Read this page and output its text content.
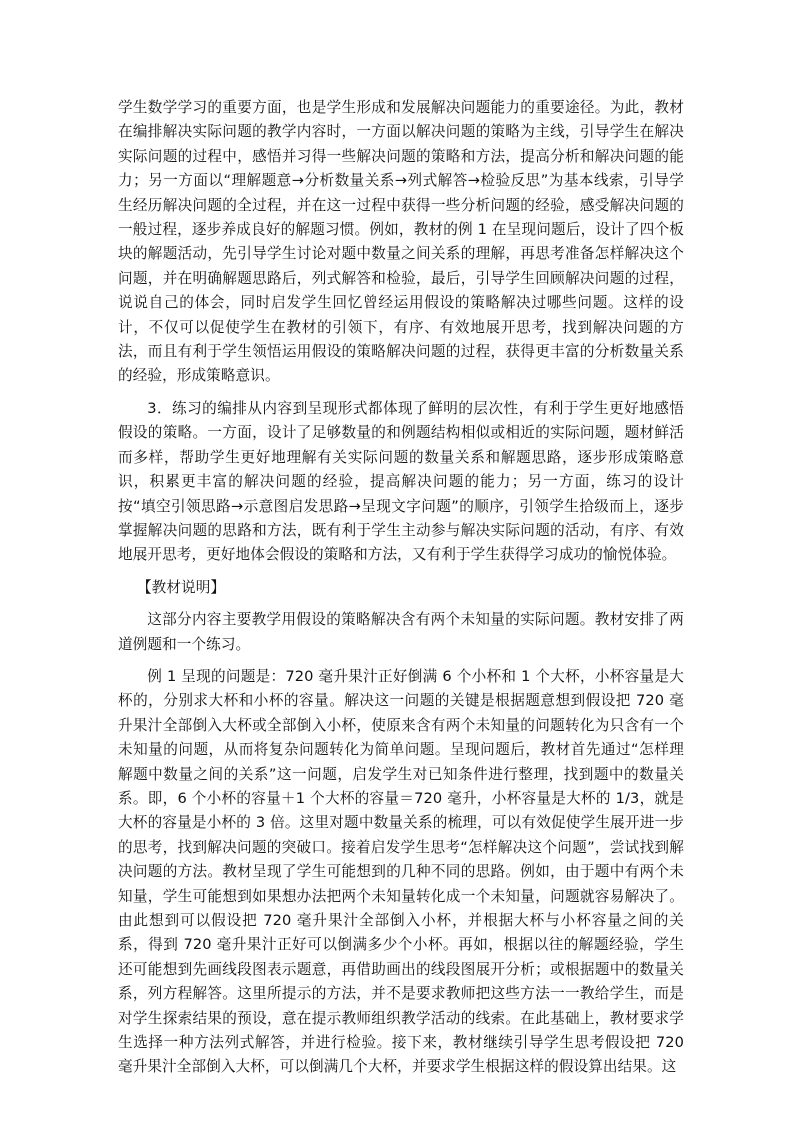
学生数学学习的重要方面，也是学生形成和发展解决问题能力的重要途径。为此，教材在编排解决实际问题的教学内容时，一方面以解决问题的策略为主线，引导学生在解决实际问题的过程中，感悟并习得一些解决问题的策略和方法，提高分析和解决问题的能力；另一方面以“理解题意→分析数量关系→列式解答→检验反思”为基本线索，引导学生经历解决问题的全过程，并在这一过程中获得一些分析问题的经验，感受解决问题的一般过程，逐步养成良好的解题习惯。例如，教材的例 1 在呈现问题后，设计了四个板块的解题活动，先引导学生讨论对题中数量之间关系的理解，再思考准备怎样解决这个问题，并在明确解题思路后，列式解答和检验，最后，引导学生回顾解决问题的过程，说说自己的体会，同时启发学生回忆曾经运用假设的策略解决过哪些问题。这样的设计，不仅可以促使学生在教材的引领下，有序、有效地展开思考，找到解决问题的方法，而且有利于学生领悟运用假设的策略解决问题的过程，获得更丰富的分析数量关系的经验，形成策略意识。

3．练习的编排从内容到呈现形式都体现了鲜明的层次性，有利于学生更好地感悟假设的策略。一方面，设计了足够数量的和例题结构相似或相近的实际问题，题材鲜活而多样，帮助学生更好地理解有关实际问题的数量关系和解题思路，逐步形成策略意识，积累更丰富的解决问题的经验，提高解决问题的能力；另一方面，练习的设计按“填空引领思路→示意图启发思路→呈现文字问题”的顺序，引领学生拾级而上，逐步掌握解决问题的思路和方法，既有利于学生主动参与解决实际问题的活动，有序、有效地展开思考，更好地体会假设的策略和方法，又有利于学生获得学习成功的愉悦体验。

【教材说明】

这部分内容主要教学用假设的策略解决含有两个未知量的实际问题。教材安排了两道例题和一个练习。

例 1 呈现的问题是：720 毫升果汁正好倒满 6 个小杯和 1 个大杯，小杯容量是大杯的，分别求大杯和小杯的容量。解决这一问题的关键是根据题意想到假设把 720 毫升果汁全部倒入大杯或全部倒入小杯，使原来含有两个未知量的问题转化为只含有一个未知量的问题，从而将复杂问题转化为简单问题。呈现问题后，教材首先通过“怎样理解题中数量之间的关系”这一问题，启发学生对已知条件进行整理，找到题中的数量关系。即，6 个小杯的容量＋1 个大杯的容量＝720 毫升，小杯容量是大杯的 1/3，就是大杯的容量是小杯的 3 倍。这里对题中数量关系的梳理，可以有效促使学生展开进一步的思考，找到解决问题的突破口。接着启发学生思考“怎样解决这个问题”，尝试找到解决问题的方法。教材呈现了学生可能想到的几种不同的思路。例如，由于题中有两个未知量，学生可能想到如果想办法把两个未知量转化成一个未知量，问题就容易解决了。由此想到可以假设把 720 毫升果汁全部倒入小杯，并根据大杯与小杯容量之间的关系，得到 720 毫升果汁正好可以倒满多少个小杯。再如，根据以往的解题经验，学生还可能想到先画线段图表示题意，再借助画出的线段图展开分析；或根据题中的数量关系，列方程解答。这里所提示的方法，并不是要求教师把这些方法一一教给学生，而是对学生探索结果的预设，意在提示教师组织教学活动的线索。在此基础上，教材要求学生选择一种方法列式解答，并进行检验。接下来，教材继续引导学生思考假设把 720 毫升果汁全部倒入大杯，可以倒满几个大杯，并要求学生根据这样的假设算出结果。这
